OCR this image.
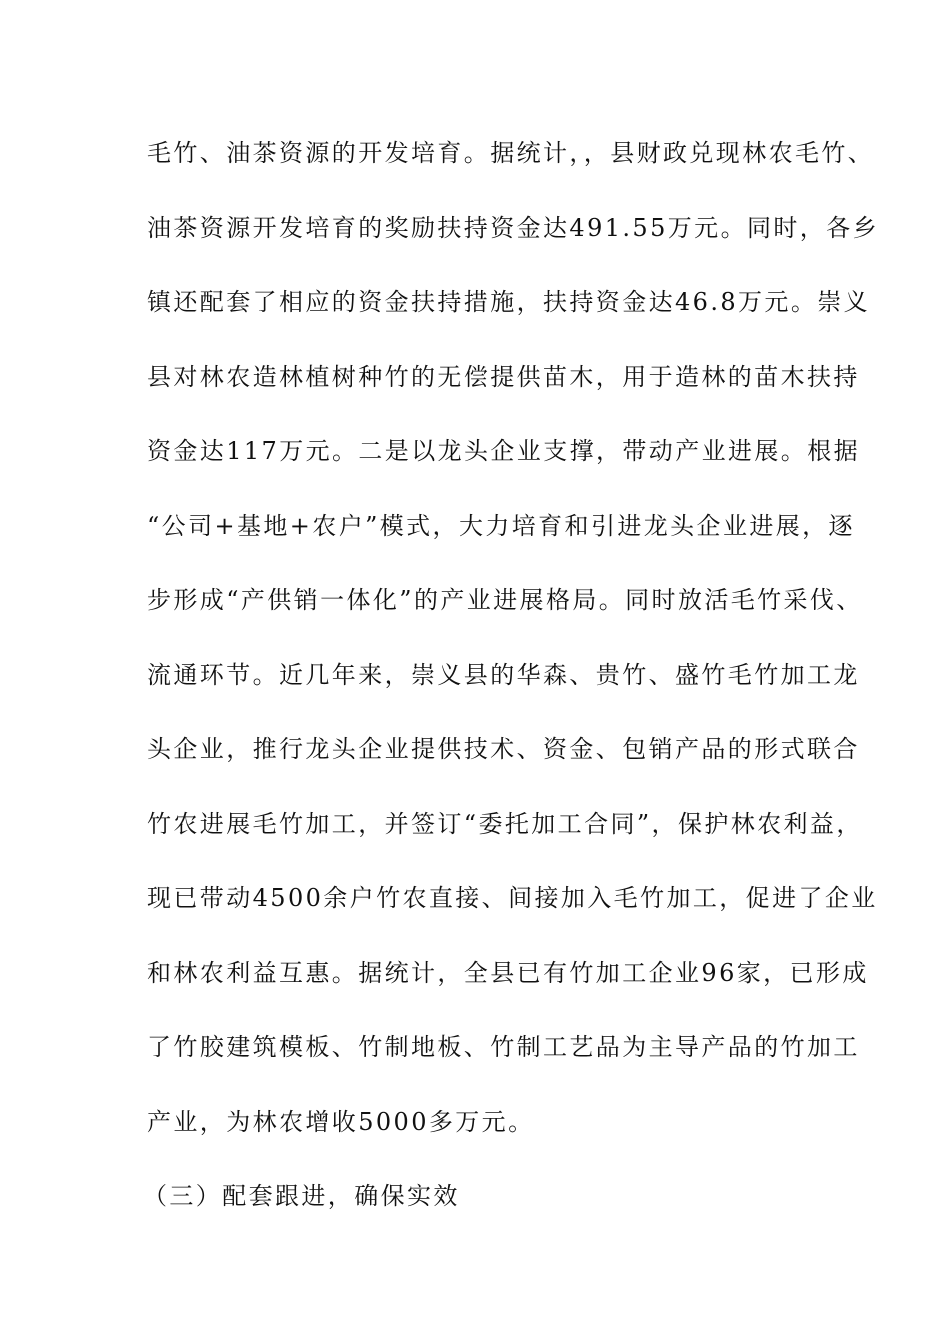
毛竹、油茶资源的开发培育。据统计，，县财政兑现林农毛竹、
油茶资源开发培育的奖励扶持资金达491.55万元。同时，各乡
镇还配套了相应的资金扶持措施，扶持资金达46.8万元。崇义
县对林农造林植树种竹的无偿提供苗木，用于造林的苗木扶持
资金达117万元。二是以龙头企业支撑，带动产业进展。根据
“公司+基地+农户”模式，大力培育和引进龙头企业进展，逐
步形成“产供销一体化”的产业进展格局。同时放活毛竹采伐、
流通环节。近几年来，崇义县的华森、贵竹、盛竹毛竹加工龙
头企业，推行龙头企业提供技术、资金、包销产品的形式联合
竹农进展毛竹加工，并签订“委托加工合同”，保护林农利益，
现已带动4500余户竹农直接、间接加入毛竹加工，促进了企业
和林农利益互惠。据统计，全县已有竹加工企业96家，已形成
了竹胶建筑模板、竹制地板、竹制工艺品为主导产品的竹加工
产业，为林农增收5000多万元。
（三）配套跟进，确保实效
